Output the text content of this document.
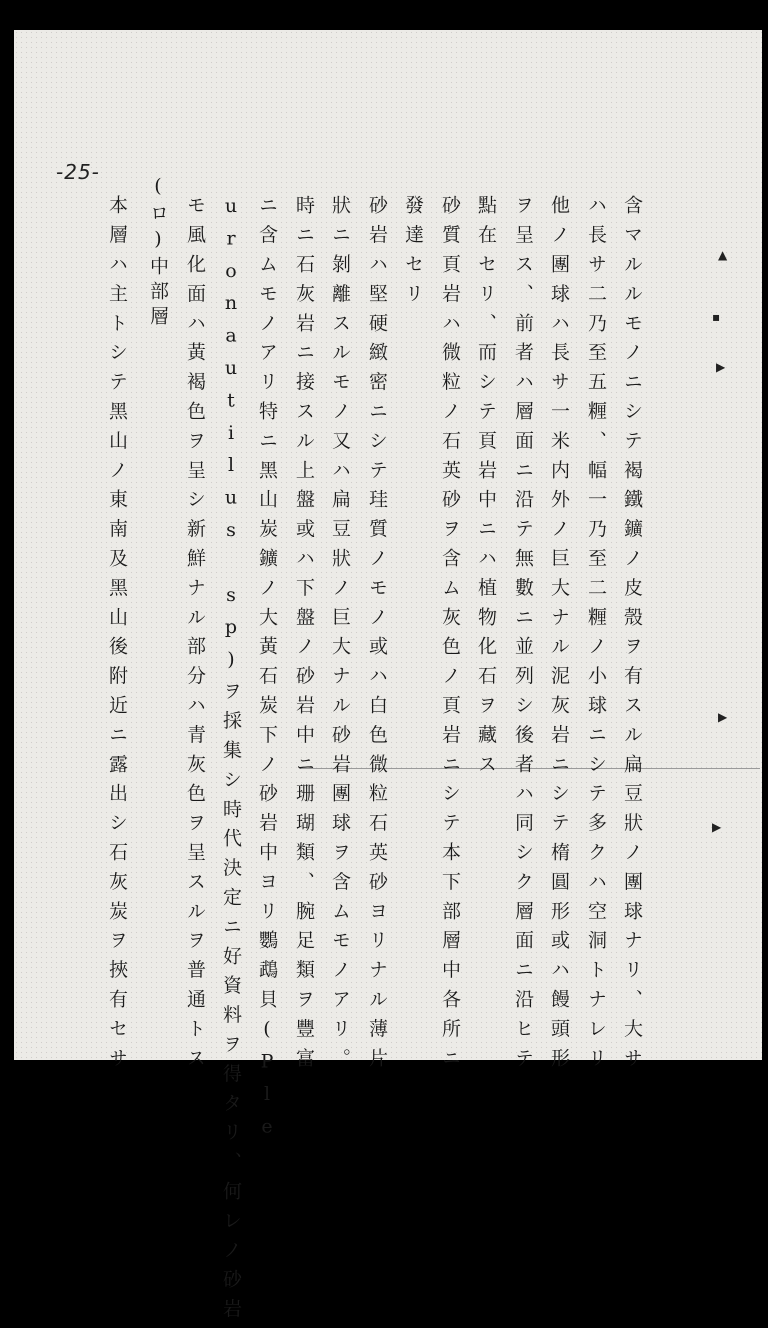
-25-
含マルルモノニシテ褐鐵鑛ノ皮殼ヲ有スル扁豆狀ノ團球ナリ、大サ
ハ長サ二乃至五糎、幅一乃至二糎ノ小球ニシテ多クハ空洞トナレリ
他ノ團球ハ長サ一米内外ノ巨大ナル泥灰岩ニシテ楕圓形或ハ饅頭形
ヲ呈ス、前者ハ層面ニ沿テ無數ニ並列シ後者ハ同シク層面ニ沿ヒテ
點在セリ、而シテ頁岩中ニハ植物化石ヲ藏ス
砂質頁岩ハ微粒ノ石英砂ヲ含ム灰色ノ頁岩ニシテ本下部層中各所ニ
發達セリ
砂岩ハ堅硬緻密ニシテ珪質ノモノ或ハ白色微粒石英砂ヨリナル薄片
狀ニ剝離スルモノ又ハ扁豆狀ノ巨大ナル砂岩團球ヲ含ムモノアリ。
時ニ石灰岩ニ接スル上盤或ハ下盤ノ砂岩中ニ珊瑚類、腕足類ヲ豐富
ニ含ムモノアリ特ニ黑山炭鑛ノ大黃石炭下ノ砂岩中ヨリ鸚鵡貝(Ple
uronautilus sp)ヲ採集シ時代決定ニ好資料ヲ得タリ、何レノ砂岩
モ風化面ハ黃褐色ヲ呈シ新鮮ナル部分ハ青灰色ヲ呈スルヲ普通トス
(ロ)中部層
本層ハ主トシテ黑山ノ東南及黑山後附近ニ露出シ石灰炭ヲ挾有セサ	▲
▪
▶
▶
▶
